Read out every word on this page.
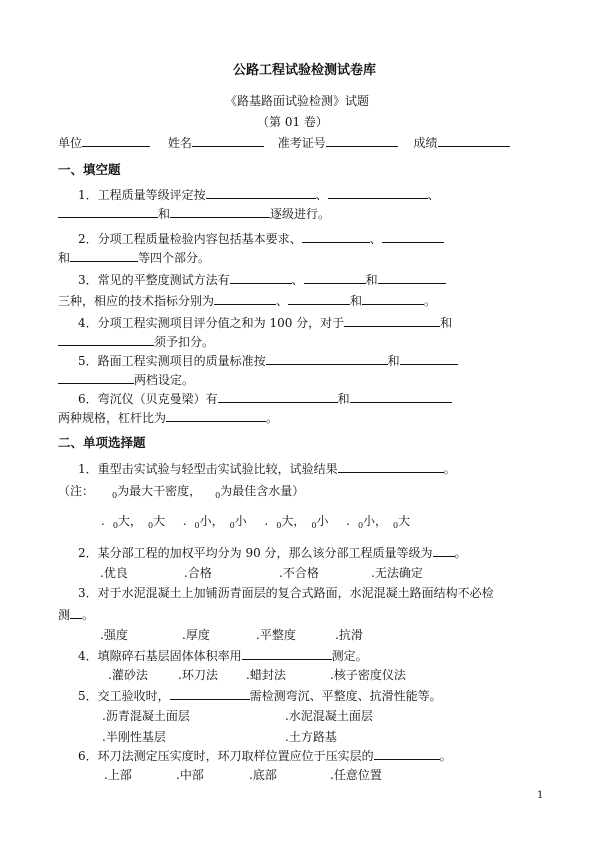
公路工程试验检测试卷库
《路基路面试验检测》试题
（第 01 卷）
单位	姓名	准考证号	成绩
一、填空题
1．工程质量等级评定按	、	、
和	逐级进行。
2．分项工程质量检验内容包括基本要求、	、
和	等四个部分。
3．常见的平整度测试方法有	、	和
三种，相应的技术指标分别为	、	和	。
4．分项工程实测项目评分值之和为 100 分，对于	和
须予扣分。
5．路面工程实测项目的质量标准按	和
两档设定。
6．弯沉仪（贝克曼梁）有	和
两种规格，杠杆比为	。
二、单项选择题
1．重型击实试验与轻型击实试验比较，试验结果	。
（注： $_0$为最大干密度， $_0$为最佳含水量）
. $_0$大， $_0$大 . $_0$小， $_0$小 . $_0$大， $_0$小 . $_0$小， $_0$大
2．某分部工程的加权平均分为 90 分，那么该分部工程质量等级为 。
.优良	.合格	.不合格	.无法确定
3．对于水泥混凝土上加铺沥青面层的复合式路面，水泥混凝土路面结构不必检
测 。
.强度	.厚度	.平整度	.抗滑
4．填隙碎石基层固体体积率用	测定。
.灌砂法	.环刀法 .蜡封法	.核子密度仪法
5．交工验收时，	需检测弯沉、平整度、抗滑性能等。
.沥青混凝土面层	.水泥混凝土面层
.半刚性基层	.土方路基
6．环刀法测定压实度时，环刀取样位置应位于压实层的	。
.上部	.中部	.底部	.任意位置
1
